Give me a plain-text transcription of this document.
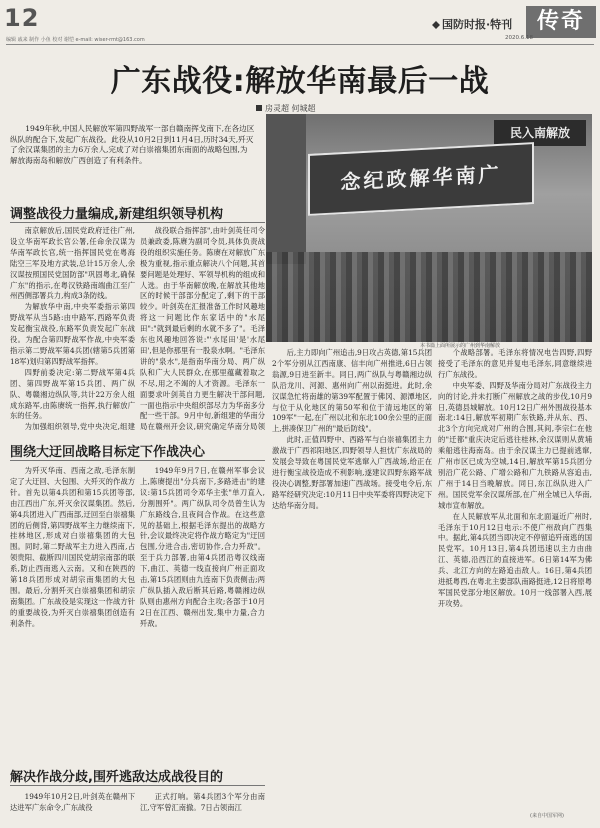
12	国防时报·特刊	传奇
编辑 戚来 制作 小鱼 校对 谢恺 e-mail: wiser-rmt@163.com	2020.6.18
广东战役:解放华南最后一战
房灵超 何城超
1949年秋,中国人民解放军第四野战军一部自赣南挥戈南下,在各边区纵队的配合下,发起广东战役。此役从10月2日到11月4日,历时34天,歼灭了余汉谋集团的主力6万余人,完成了对白崇禧集团东南面的战略包围,为解放海南岛和解放广西创造了有利条件。
民入南解放
念纪政解华南广
本书篇上面所展示的广州到华南解放
调整战役力量编成,新建组织领导机构

南京解放后,国民党政府迁往广州,设立华南军政长官公署,任命余汉谋为华南军政长官,统一指挥国民党在粤海陆空三军及地方武装,总计15万余人,余汉谋按照国民党国防部"巩固粤北,确保广东"的指示,在粤汉铁路南端曲江至广州西侧部署兵力,构成3条防线。

为解放华中南,中央军委指示第四野战军从当5路:由中路军,西路军负责发起衡宝战役,东路军负责发起广东战役。为配合第四野战军作战,中央军委指示第二野战军第4兵团(辖第5兵团第18军)划归第四野战军指挥。

四野前委决定:第二野战军第4兵团、第四野战军第15兵团、两广纵队、粤赣湘边纵队等,共计22万余人组成东路军,由陈赓统一指挥,执行解放广东的任务。

为加强组织领导,党中央决定,组建

战役联合指挥部",由叶剑英任司令员兼政委,陈赓为副司令员,具体负责战役的组织实施任务。陈赓在对解放广东极为重视,指示重点解决八个问题,其首要问题是处理好、军领导机构的组成和人选。由于华南解放晚,在解放其他地区的时候干部部分配定了,剩下的干部较少。叶剑英在汇报准备工作时风趣地将这一问题比作东家话中的"水尾田":"就到最后剩的水就不多了"。毛泽东也风趣地回答说:"'水尾田'是'水尾田',但是你那里有一股泉水啊。"毛泽东讲的"泉水",是指南华南分局、两广纵队和广大人民群众,在那里蕴藏着取之不尽,用之不竭的人才资源。毛泽东一面要求叶剑英自力更生解决干部问题,一面也指示中央组织部尽力为华南多分配一些干部。9月中旬,新组建的华南分局在赣州开会议,研究确定华南分局领

后,主力即向广州追击,9日攻占英德,第15兵团2个军分别从江西南康、信丰向广州推进,6日占领翁源,9日进至新丰。同日,两广纵队与粤赣湘边纵队沿龙川、河源、惠州向广州以南挺进。此时,余汉谋急忙将南雄的第39军配置于佛冈、源潭地区,与位于从化地区的第50军和位于清远地区的第109军"一起,在广州以北和东北100余公里的正面上,拼凑保卫广州的"最后防线"。

此时,正值四野中、西路军与白崇禧集团主力激战于广西祁阳地区,四野领导人担忧广东战局的发展会导致在粤国民党军逃窜入广西战场,给正在进行衡宝战役造成不利影响,遂建议四野东路军战役决心调整,野部署加速广西战场。接受电令后,东路军经研究决定:10月11日中央军委将四野决定下达给华南分局。

个战略部署。毛泽东将情况电告四野,四野接受了毛泽东的意见并复电毛泽东,同意继续进行广东战役。

中央军委、四野及华南分局对广东战役主力向的讨论,并未打断广州解放之战的步伐,10月9日,英德县城解放。10月12日广州外围战役基本南北:14日,解放军初期广东铁路,并从东、西、北3个方向完成对广州的合围,其间,李宗仁在他的"迁都"重庆决定后逃往桂林,余汉谋则从黄埔乘船逃往海南岛。由于余汉谋主力已提前逃窜,广州市区已成为空城,14日,解放军第15兵团分别沿广花公路、广增公路和广九铁路从容追击,广州于14日当晚解放。同日,东江纵队进入广州。国民党军余汉谋所部,在广州全城已入华南,城市宣布解放。

在人民解放军从北面和东北面逼近广州时,毛泽东于10月12日电示:不使广州敌向广西集中。据此,第4兵团当即决定不停留追歼南逃的国民党军。10月13日,第4兵团迅速以主力由曲江、英德,沿西江的直接进军。6日第14军为佛兵、北江方向的左路追击敌人。16日,第4兵团进抵粤西,在粤北主要部队南路挺进,12日将原粤军国民党部分地区解放。10月一线部署入西,展开攻势。

围绕大迂回战略目标定下作战决心

为歼灭华南、西南之敌,毛泽东制定了大迂回、大包围、大歼灭的作战方针。首先以第4兵团和第15兵团等部,由江西出广东,歼灭余汉谋集团。然后,第4兵团进入广西南部,迂回至白崇禧集团的后侧背,第四野战军主力继续南下,挂林地区,形成对白崇禧集团的大包围。同时,第二野战军主力进入西南,占领贵阳、截断四川国民党胡宗南部的联系,防止西南逃入云南。又和在陕西的第18兵团形成对胡宗南集团的大包围。最后,分割歼灭白崇禧集团和胡宗南集团。广东战役是实现这一作战方针的重要战役,为歼灭白崇禧集团创造有利条件。

1949年9月7日,在赣州军事会议上,陈赓提出"分兵南下,多路进击"的建议:第15兵团司令邓华主张"单刀直入,分割围歼"。两广纵队司令员曾生认为广东路线合,且夜间合作战。在这些意见的基础上,根据毛泽东提出的战略方针,会议最终决定将作战方略定为"迂回包围,分进合击,密切协作,合力歼敌"。至于兵力部署,由第4兵团沿粤汉线南下,曲江、英德一线直接向广州正面攻击,第15兵团则由九连南下负责侧击;两广纵队插入敌后断其后路,粤赣湘边纵队则由惠州方向配合主攻;各部于10月2日在江西、赣州出发,集中力量,合力歼敌。

解决作战分歧,围歼逃敌达成战役目的

1949年10月2日,叶剑英在赣州下达进军广东命令,广东战役

正式打响。第4兵团3个军分由南江,守军曾汇南撤。7日占领南江

(来自中国军网)
